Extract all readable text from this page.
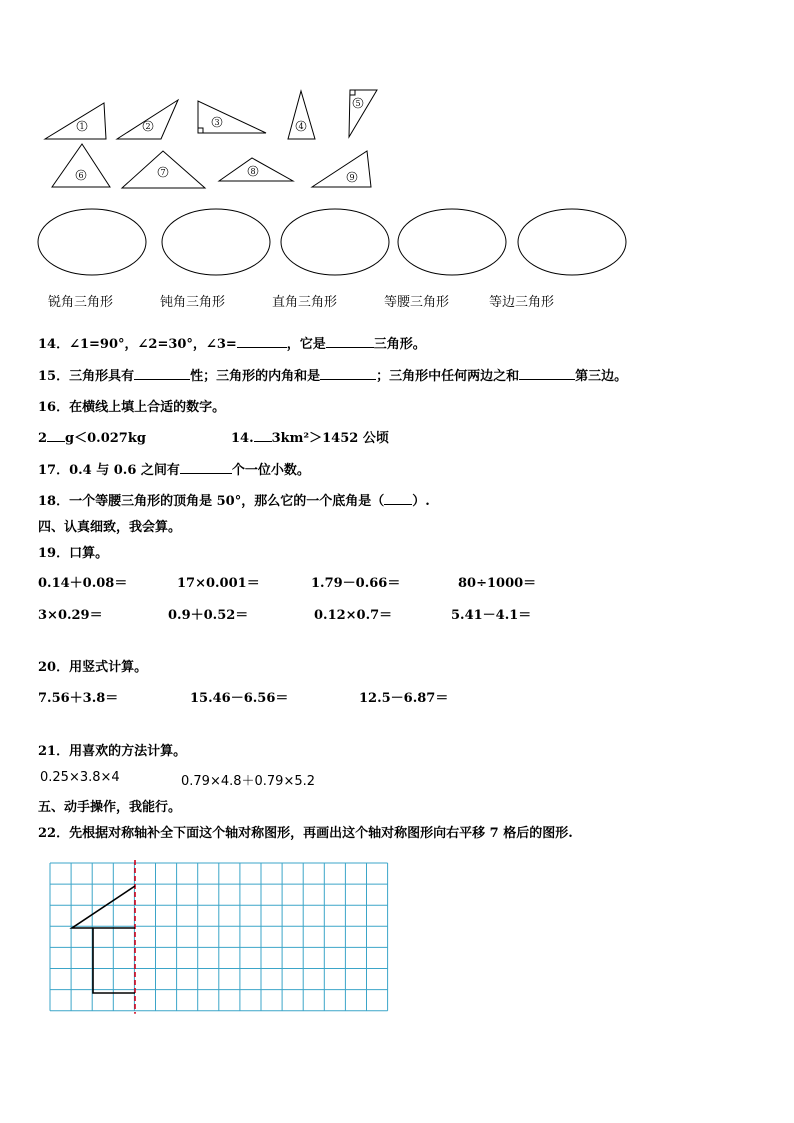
1	2	3	4
5
6	7	8
9
锐角三角形	钝角三角形	直角三角形	等腰三角形	等边三角形
14．∠1=90°，∠2=30°，∠3=	，它是	三角形。
15．三角形具有	性；三角形的内角和是	；三角形中任何两边之和	第三边。
16．在横线上填上合适的数字。
2 g＜0.027kg	14. 3km²＞1452 公顷
17．0.4 与 0.6 之间有	个一位小数。
18．一个等腰三角形的顶角是 50°，那么它的一个底角是（ ）.
四、认真细致，我会算。
19．口算。
0.14＋0.08＝	17×0.001＝	1.79－0.66＝	80÷1000＝
3×0.29＝	0.9＋0.52＝	0.12×0.7＝	5.41－4.1＝
20．用竖式计算。
7.56＋3.8＝	15.46－6.56＝	12.5－6.87＝
21．用喜欢的方法计算。
0.25×3.8×4	0.79×4.8＋0.79×5.2
五、动手操作，我能行。
22．先根据对称轴补全下面这个轴对称图形，再画出这个轴对称图形向右平移 7 格后的图形.
